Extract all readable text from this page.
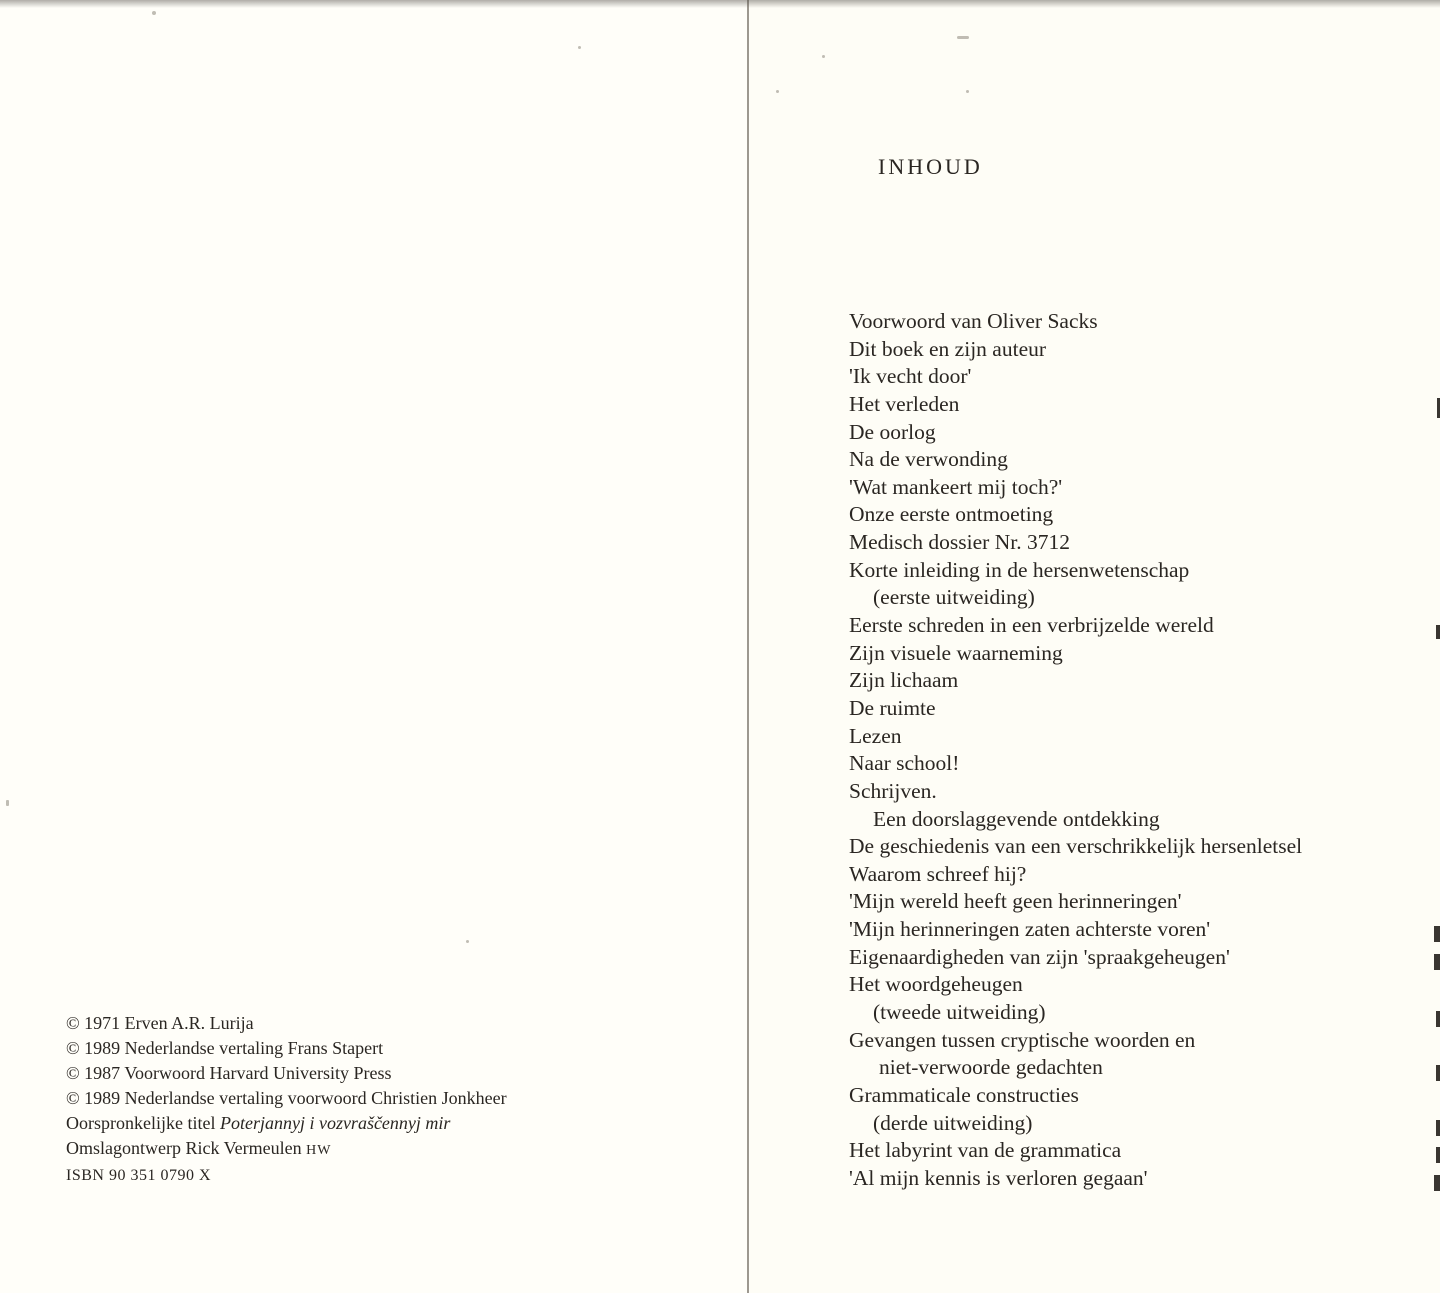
© 1971 Erven A.R. Lurija
© 1989 Nederlandse vertaling Frans Stapert
© 1987 Voorwoord Harvard University Press
© 1989 Nederlandse vertaling voorwoord Christien Jonkheer
Oorspronkelijke titel Poterjannyj i vozvraščennyj mir
Omslagontwerp Rick Vermeulen HW
ISBN 90 351 0790 X
INHOUD
Voorwoord van Oliver Sacks
Dit boek en zijn auteur
'Ik vecht door'
Het verleden
De oorlog
Na de verwonding
'Wat mankeert mij toch?'
Onze eerste ontmoeting
Medisch dossier Nr. 3712
Korte inleiding in de hersenwetenschap
(eerste uitweiding)
Eerste schreden in een verbrijzelde wereld
Zijn visuele waarneming
Zijn lichaam
De ruimte
Lezen
Naar school!
Schrijven.
Een doorslaggevende ontdekking
De geschiedenis van een verschrikkelijk hersenletsel
Waarom schreef hij?
'Mijn wereld heeft geen herinneringen'
'Mijn herinneringen zaten achterste voren'
Eigenaardigheden van zijn 'spraakgeheugen'
Het woordgeheugen
(tweede uitweiding)
Gevangen tussen cryptische woorden en
niet-verwoorde gedachten
Grammaticale constructies
(derde uitweiding)
Het labyrint van de grammatica
'Al mijn kennis is verloren gegaan'
